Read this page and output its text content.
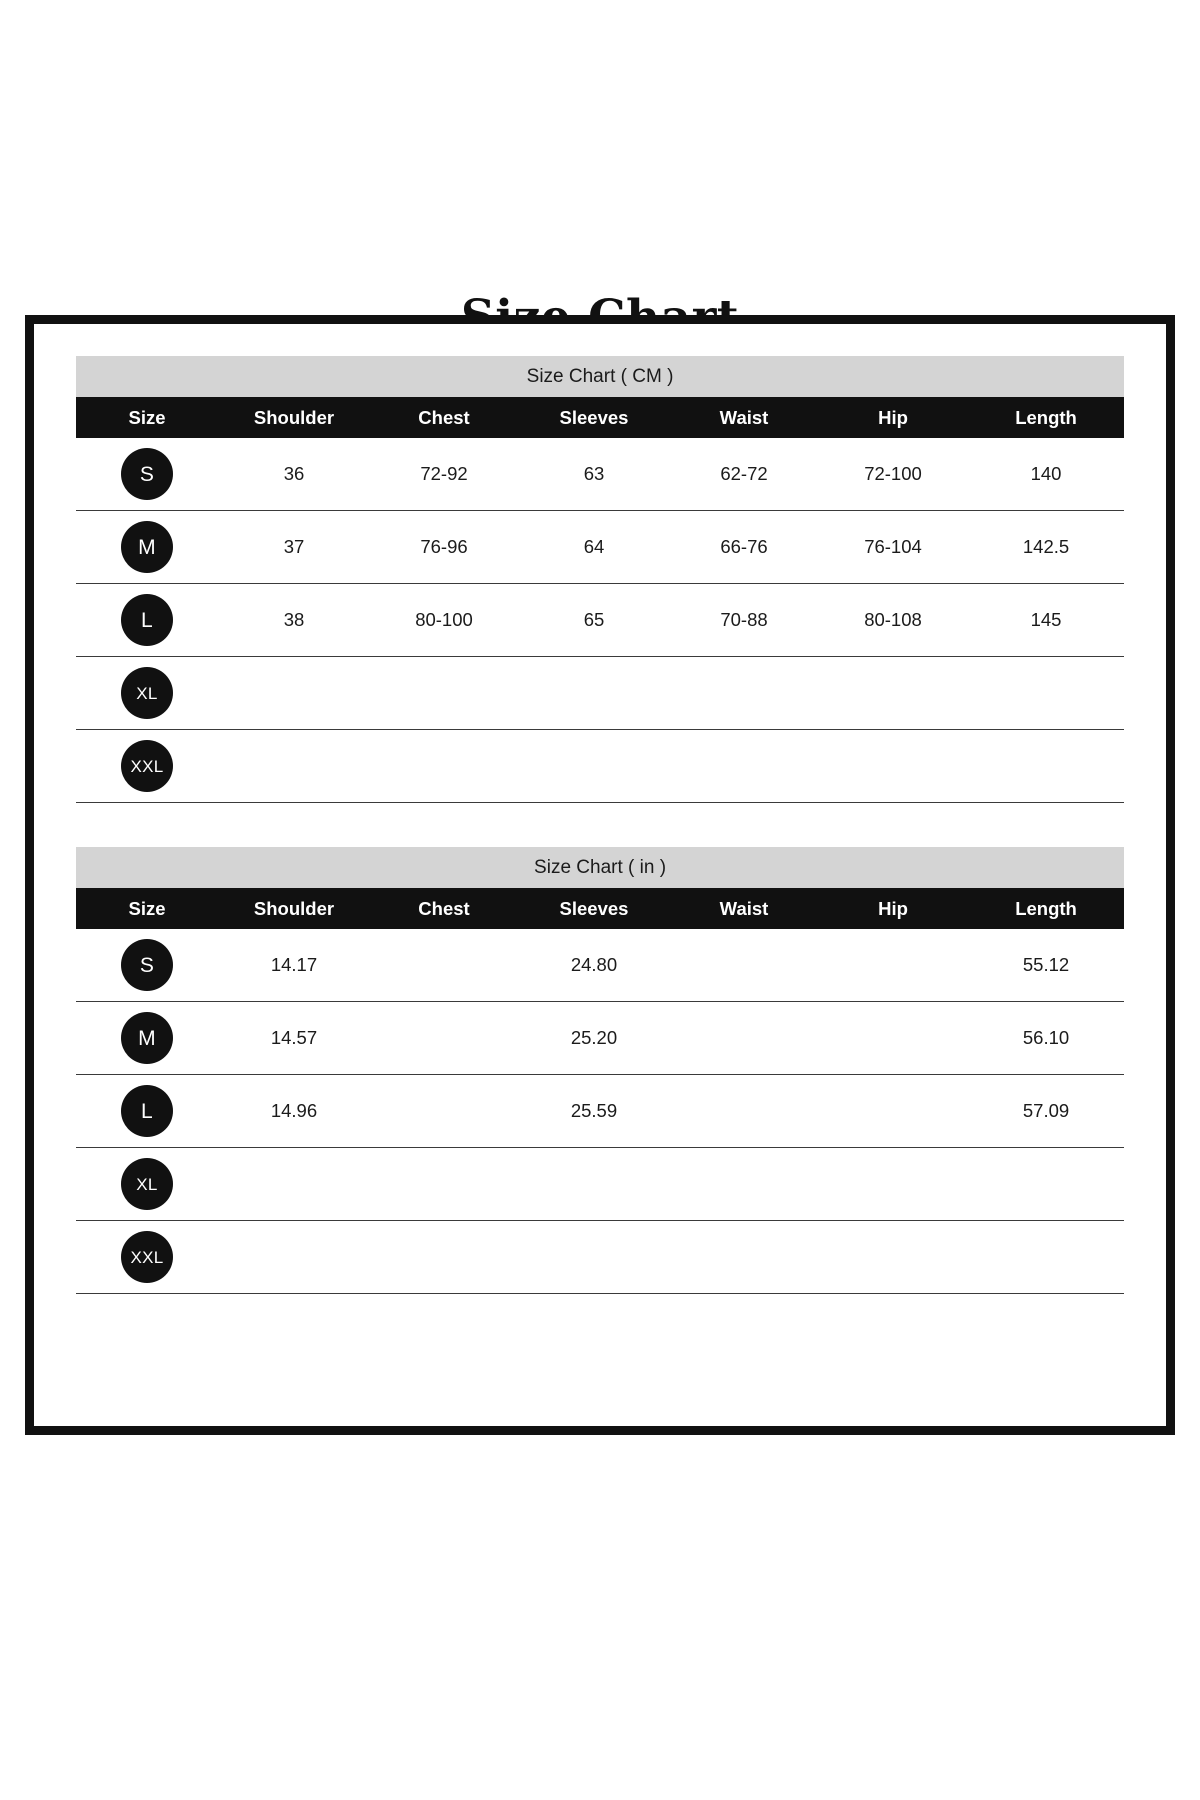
Size Chart ( CM )						
Size	Shoulder	Chest	Sleeves	Waist	Hip	Length
S	36	72-92	63	62-72	72-100	140
M	37	76-96	64	66-76	76-104	142.5
L	38	80-100	65	70-88	80-108	145
XL						
XXL						
Size Chart ( in )						
Size	Shoulder	Chest	Sleeves	Waist	Hip	Length
S	14.17		24.80			55.12
M	14.57		25.20			56.10
L	14.96		25.59			57.09
XL						
XXL						
